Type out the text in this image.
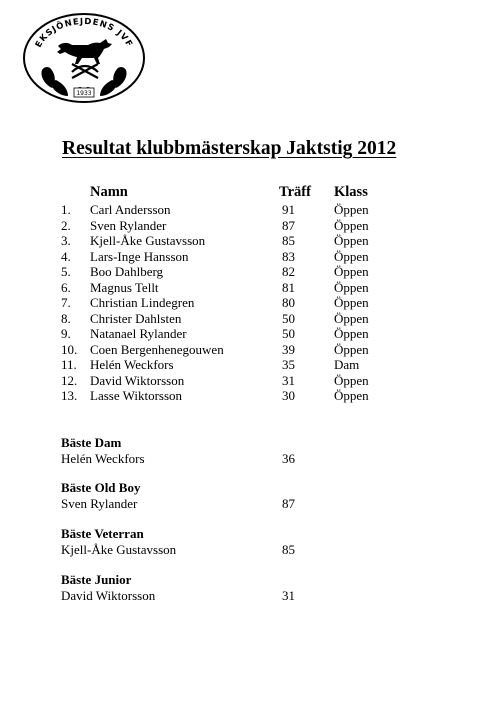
EKSJÖNEJDENS JVF
1933
Resultat klubbmästerskap Jaktstig 2012
Namn	Träff Klass
1. Carl Andersson	91	Öppen
2. Sven Rylander	87	Öppen
3. Kjell-Åke Gustavsson	85	Öppen
4. Lars-Inge Hansson	83	Öppen
5. Boo Dahlberg	82	Öppen
6. Magnus Tellt	81	Öppen
7. Christian Lindegren	80	Öppen
8. Christer Dahlsten	50	Öppen
9. Natanael Rylander	50	Öppen
10. Coen Bergenhenegouwen	39	Öppen
11. Helén Weckfors	35	Dam
12. David Wiktorsson	31	Öppen
13. Lasse Wiktorsson	30	Öppen
Bäste Dam
Helén Weckfors	36
Bäste Old Boy
Sven Rylander	87
Bäste Veterran
Kjell-Åke Gustavsson	85
Bäste Junior
David Wiktorsson	31
